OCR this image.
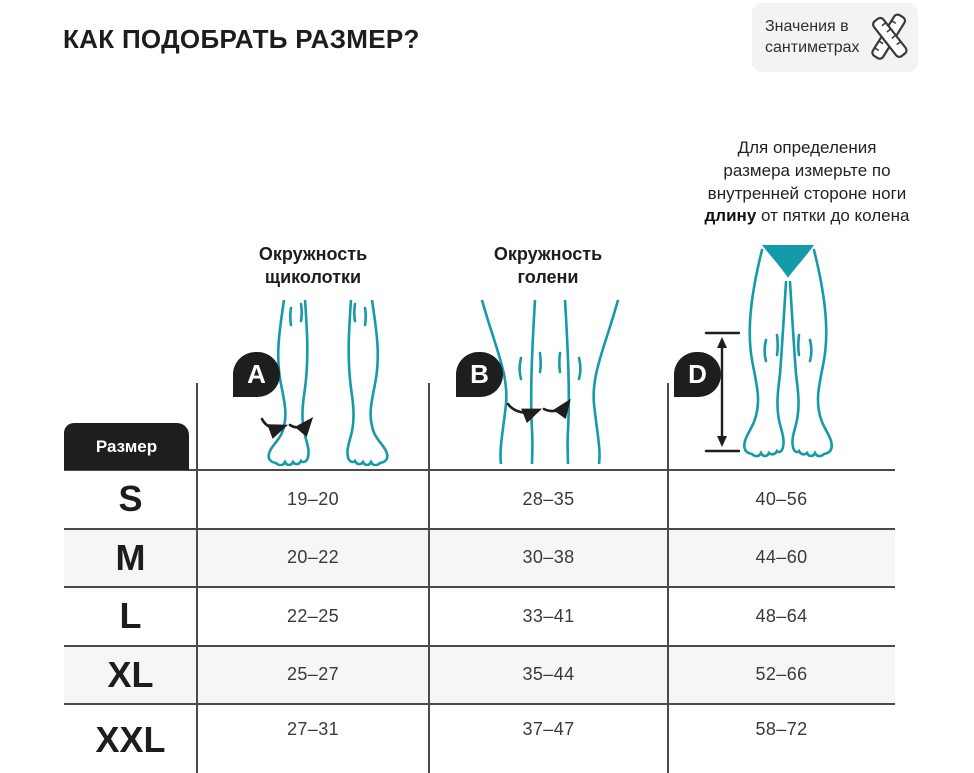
КАК ПОДОБРАТЬ РАЗМЕР?	Значения в сантиметрах
Для определения
размера измерьте по
внутренней стороне ноги
длину от пятки до колена
Окружность щиколотки
Окружность голени
A	B	D
Размер
S	19–20	28–35	40–56
M	20–22	30–38	44–60
L	22–25	33–41	48–64
XL	25–27	35–44	52–66
XXL	27–31	37–47	58–72
